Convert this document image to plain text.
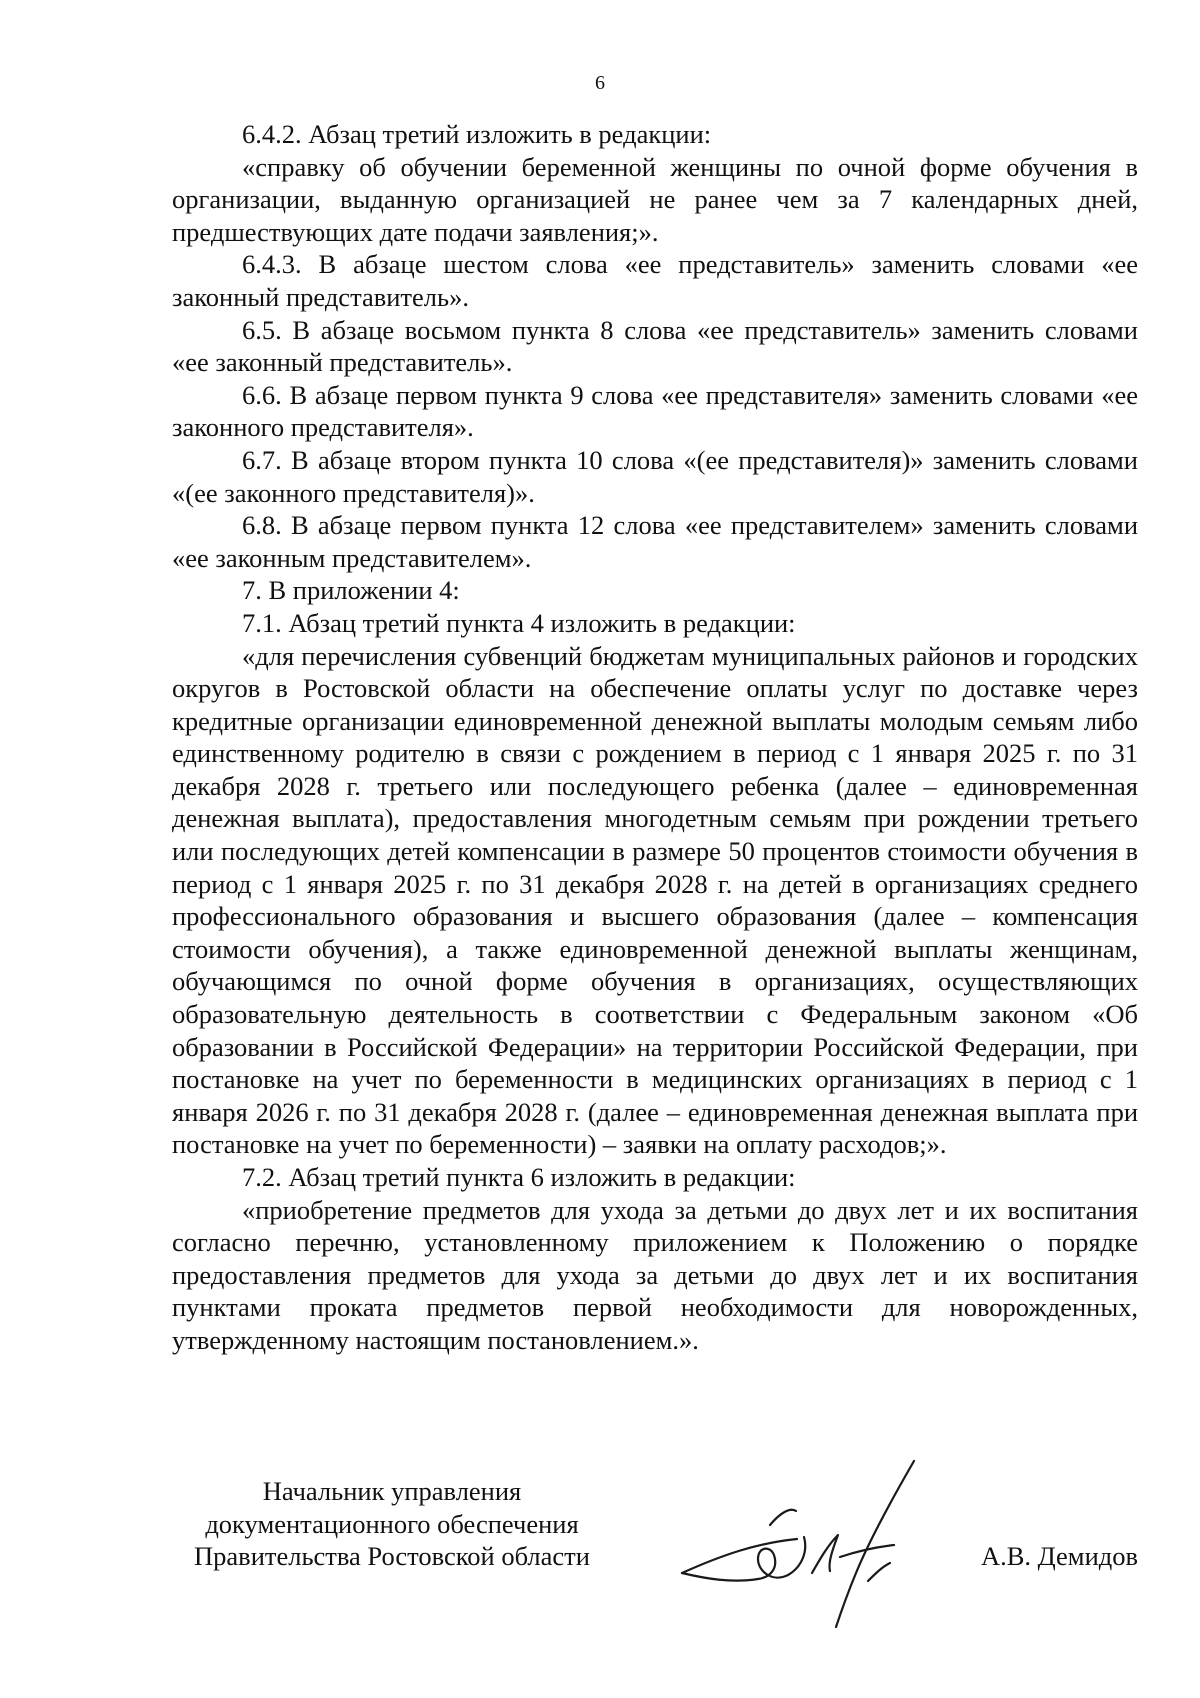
6

6.4.2. Абзац третий изложить в редакции:

«справку об обучении беременной женщины по очной форме обучения в организации, выданную организацией не ранее чем за 7 календарных дней, предшествующих дате подачи заявления;».

6.4.3. В абзаце шестом слова «ее представитель» заменить словами «ее законный представитель».

6.5. В абзаце восьмом пункта 8 слова «ее представитель» заменить словами «ее законный представитель».

6.6. В абзаце первом пункта 9 слова «ее представителя» заменить словами «ее законного представителя».

6.7. В абзаце втором пункта 10 слова «(ее представителя)» заменить словами «(ее законного представителя)».

6.8. В абзаце первом пункта 12 слова «ее представителем» заменить словами «ее законным представителем».

7. В приложении 4:

7.1. Абзац третий пункта 4 изложить в редакции:

«для перечисления субвенций бюджетам муниципальных районов и городских округов в Ростовской области на обеспечение оплаты услуг по доставке через кредитные организации единовременной денежной выплаты молодым семьям либо единственному родителю в связи с рождением в период с 1 января 2025 г. по 31 декабря 2028 г. третьего или последующего ребенка (далее – единовременная денежная выплата), предоставления многодетным семьям при рождении третьего или последующих детей компенсации в размере 50 процентов стоимости обучения в период с 1 января 2025 г. по 31 декабря 2028 г. на детей в организациях среднего профессионального образования и высшего образования (далее – компенсация стоимости обучения), а также единовременной денежной выплаты женщинам, обучающимся по очной форме обучения в организациях, осуществляющих образовательную деятельность в соответствии с Федеральным законом «Об образовании в Российской Федерации» на территории Российской Федерации, при постановке на учет по беременности в медицинских организациях в период с 1 января 2026 г. по 31 декабря 2028 г. (далее – единовременная денежная выплата при постановке на учет по беременности) – заявки на оплату расходов;».

7.2. Абзац третий пункта 6 изложить в редакции:

«приобретение предметов для ухода за детьми до двух лет и их воспитания согласно перечню, установленному приложением к Положению о порядке предоставления предметов для ухода за детьми до двух лет и их воспитания пунктами проката предметов первой необходимости для новорожденных, утвержденному настоящим постановлением.».

Начальник управления
документационного обеспечения
Правительства Ростовской области	А.В. Демидов
